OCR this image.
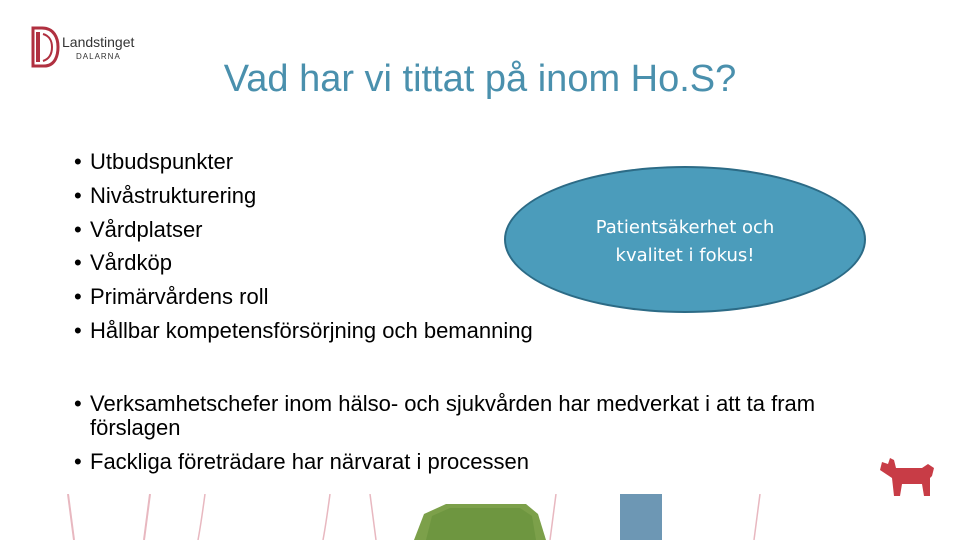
Landstinget
DALARNA
Vad har vi tittat på inom Ho.S?
• Utbudspunkter
• Nivåstrukturering
• Vårdplatser
• Vårdköp
• Primärvårdens roll
• Hållbar kompetensförsörjning och bemanning
Patientsäkerhet och
kvalitet i fokus!
• Verksamhetschefer inom hälso- och sjukvården har medverkat i att ta fram förslagen
• Fackliga företrädare har närvarat i processen
